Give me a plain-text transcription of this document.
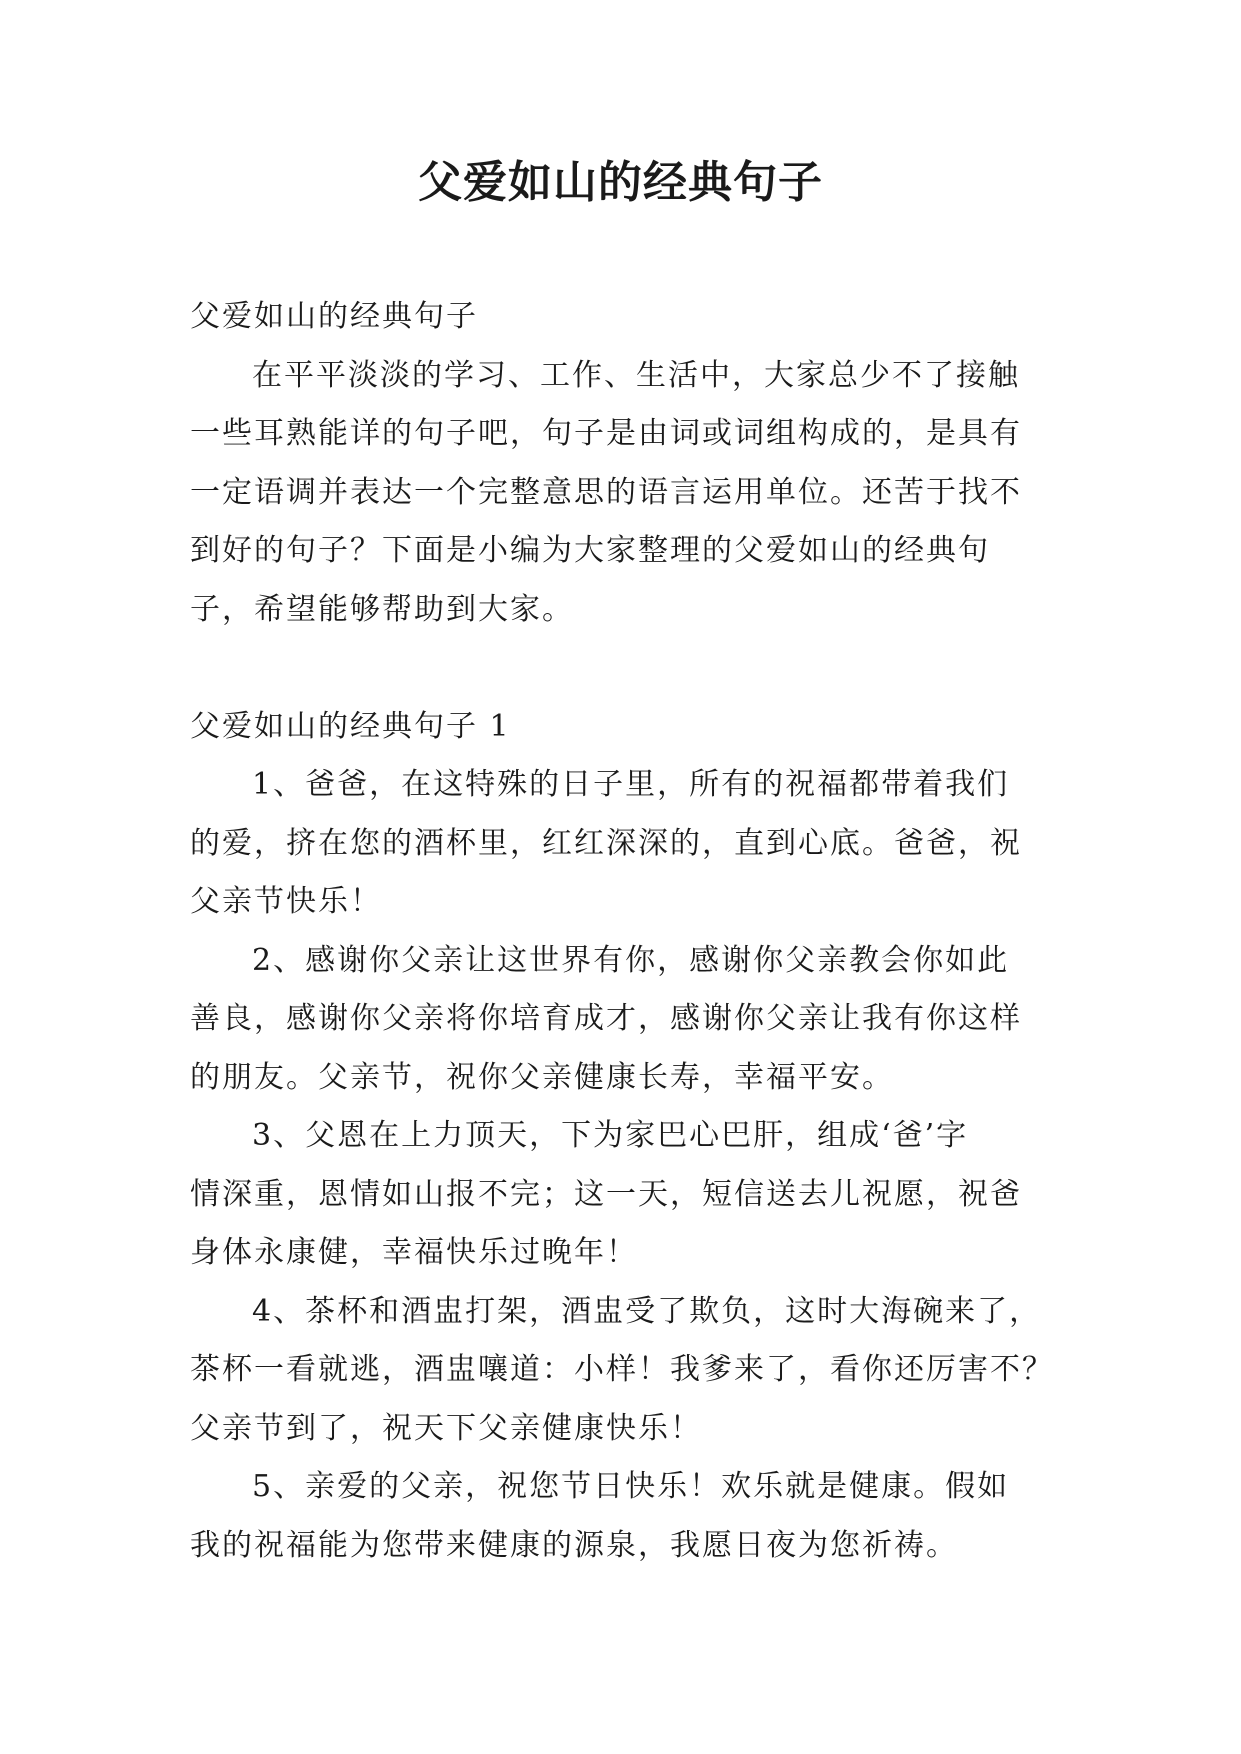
父爱如山的经典句子
父爱如山的经典句子
在平平淡淡的学习、工作、生活中，大家总少不了接触
一些耳熟能详的句子吧，句子是由词或词组构成的，是具有
一定语调并表达一个完整意思的语言运用单位。还苦于找不
到好的句子？下面是小编为大家整理的父爱如山的经典句
子，希望能够帮助到大家。
父爱如山的经典句子 1
1、爸爸，在这特殊的日子里，所有的祝福都带着我们
的爱，挤在您的酒杯里，红红深深的，直到心底。爸爸，祝
父亲节快乐！
2、感谢你父亲让这世界有你，感谢你父亲教会你如此
善良，感谢你父亲将你培育成才，感谢你父亲让我有你这样
的朋友。父亲节，祝你父亲健康长寿，幸福平安。
3、父恩在上力顶天，下为家巴心巴肝，组成‘爸’字
情深重，恩情如山报不完；这一天，短信送去儿祝愿，祝爸
身体永康健，幸福快乐过晚年！
4、茶杯和酒盅打架，酒盅受了欺负，这时大海碗来了，
茶杯一看就逃，酒盅嚷道：小样！我爹来了，看你还厉害不？
父亲节到了，祝天下父亲健康快乐！
5、亲爱的父亲，祝您节日快乐！欢乐就是健康。假如
我的祝福能为您带来健康的源泉，我愿日夜为您祈祷。
